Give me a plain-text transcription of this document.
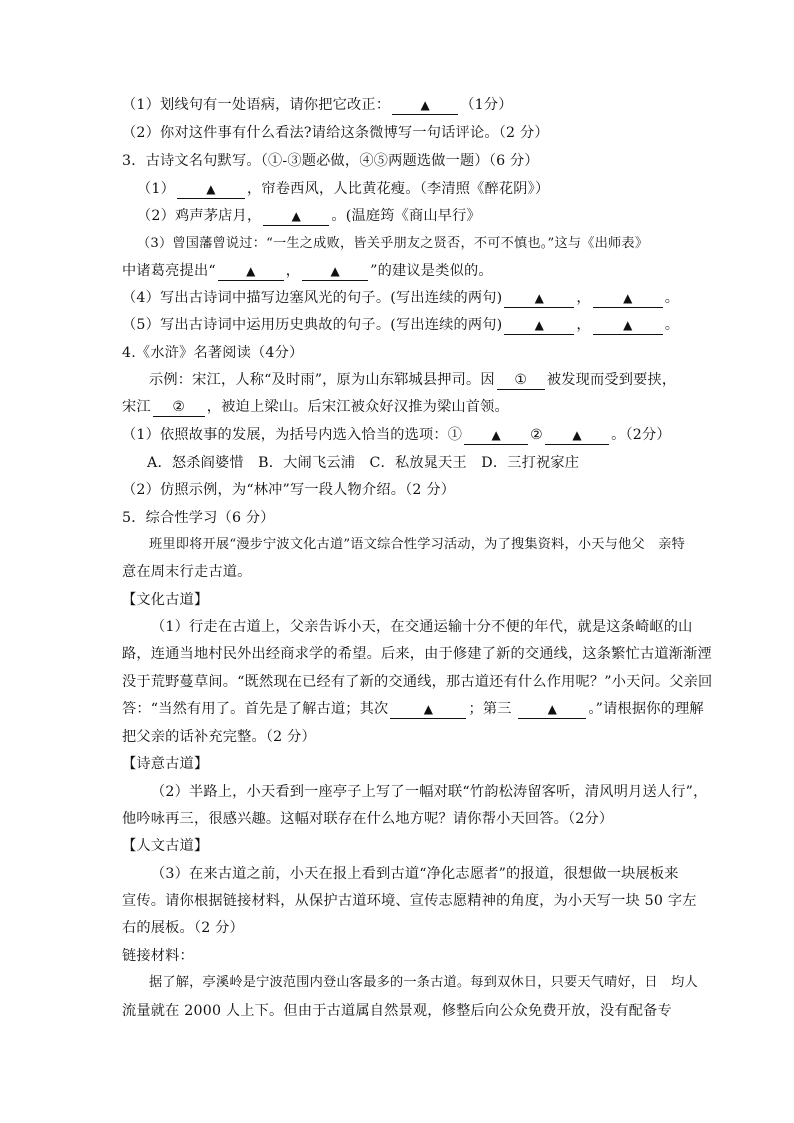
（1）划线句有一处语病，请你把它改正：	▲ （1分）
（2）你对这件事有什么看法?请给这条微博写一句话评论。（2 分）
3．古诗文名句默写。（①-③题必做，④⑤两题选做一题）（6 分）
（1）	▲ ，帘卷西风，人比黄花瘦。（李清照《醉花阴》）
（2）鸡声茅店月，	▲ 。(温庭筠《商山早行》
（3）曾国藩曾说过：“一生之成败，皆关乎朋友之贤否，不可不慎也。”这与《出师表》
中诸葛亮提出“	▲ ，	▲ ”的建议是类似的。
（4）写出古诗词中描写边塞风光的句子。(写出连续的两句)	▲ ，	▲ 。
（5）写出古诗词中运用历史典故的句子。(写出连续的两句)	▲ ，	▲ 。
4.《水浒》名著阅读（4分）
示例：宋江，人称“及时雨”，原为山东郓城县押司。因 ① 被发现而受到要挟，
宋江 ② ，被迫上梁山。后宋江被众好汉推为梁山首领。
（1）依照故事的发展，为括号内选入恰当的选项：① ▲ ② ▲ 。（2分）
A．怒杀阎婆惜　B．大闹飞云浦　C．私放晁天王　D．三打祝家庄
（2）仿照示例，为“林冲”写一段人物介绍。（2 分）
5．综合性学习（6 分）
班里即将开展“漫步宁波文化古道”语文综合性学习活动，为了搜集资料，小天与他父　亲特
意在周末行走古道。
【文化古道】
（1）行走在古道上，父亲告诉小天，在交通运输十分不便的年代，就是这条崎岖的山
路，连通当地村民外出经商求学的希望。后来，由于修建了新的交通线，这条繁忙古道渐渐湮
没于荒野蔓草间。“既然现在已经有了新的交通线，那古道还有什么作用呢？”小天问。父亲回
答：“当然有用了。首先是了解古道；其次	▲ ；第三	▲ 。”请根据你的理解
把父亲的话补充完整。（2 分）
【诗意古道】
（2）半路上，小天看到一座亭子上写了一幅对联“竹韵松涛留客听，清风明月送人行”，
他吟咏再三，很感兴趣。这幅对联存在什么地方呢？请你帮小天回答。（2分）
【人文古道】
（3）在来古道之前，小天在报上看到古道“净化志愿者”的报道，很想做一块展板来
宣传。请你根据链接材料，从保护古道环境、宣传志愿精神的角度，为小天写一块 50 字左
右的展板。（2 分）
链接材料：
据了解，亭溪岭是宁波范围内登山客最多的一条古道。每到双休日，只要天气晴好，日　均人
流量就在 2000 人上下。但由于古道属自然景观，修整后向公众免费开放，没有配备专
